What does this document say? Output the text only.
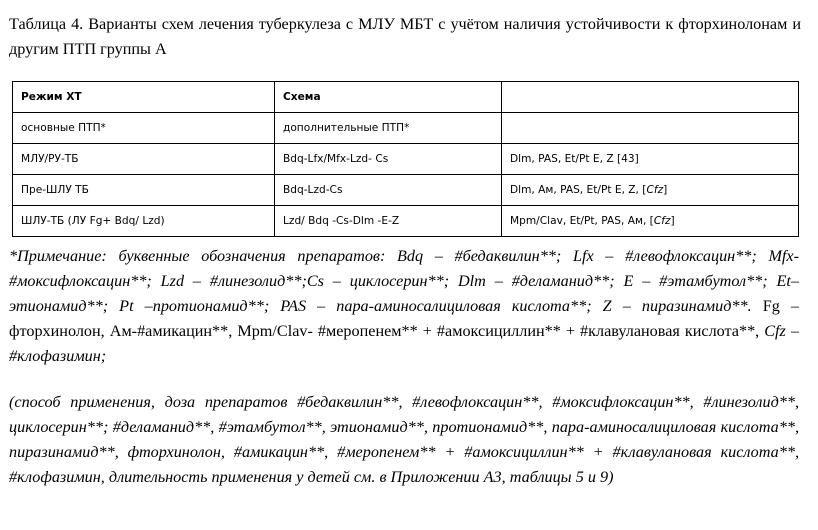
Таблица 4. Варианты схем лечения туберкулеза с МЛУ МБТ с учётом наличия устойчивости к фторхинолонам и другим ПТП группы А
Режим ХТ	Схема	
основные ПТП*	дополнительные ПТП*	
МЛУ/РУ-ТБ	Bdq-Lfx/Mfx-Lzd- Cs	Dlm, PAS, Et/Pt E, Z [43]
Пре-ШЛУ ТБ	Bdq-Lzd-Cs	Dlm, Ам, PAS, Et/Pt E, Z, [Cfz]
ШЛУ-ТБ (ЛУ Fg+ Bdq/ Lzd)	Lzd/ Bdq -Cs-Dlm -E-Z	Mpm/Clav, Et/Pt, PAS, Ам, [Cfz]

*Примечание: буквенные обозначения препаратов: Bdq – #бедаквилин**; Lfx – #левофлоксацин**; Mfx-#моксифлоксацин**; Lzd – #линезолид**;Cs – циклосерин**; Dlm – #деламанид**; E – #этамбутол**; Et–этионамид**; Pt –протионамид**; PAS – пара-аминосалициловая кислота**; Z – пиразинамид**. Fg – фторхинолон, Ам-#амикацин**, Mpm/Clav- #меропенем** + #амоксициллин** + #клавулановая кислота**, Cfz – #клофазимин;

(способ применения, доза препаратов #бедаквилин**, #левофлоксацин**, #моксифлоксацин**, #линезолид**, циклосерин**; #деламанид**, #этамбутол**, этионамид**, протионамид**, пара-аминосалициловая кислота**, пиразинамид**, фторхинолон, #амикацин**, #меропенем** + #амоксициллин** + #клавулановая кислота**, #клофазимин, длительность применения у детей см. в Приложении А3, таблицы 5 и 9)
